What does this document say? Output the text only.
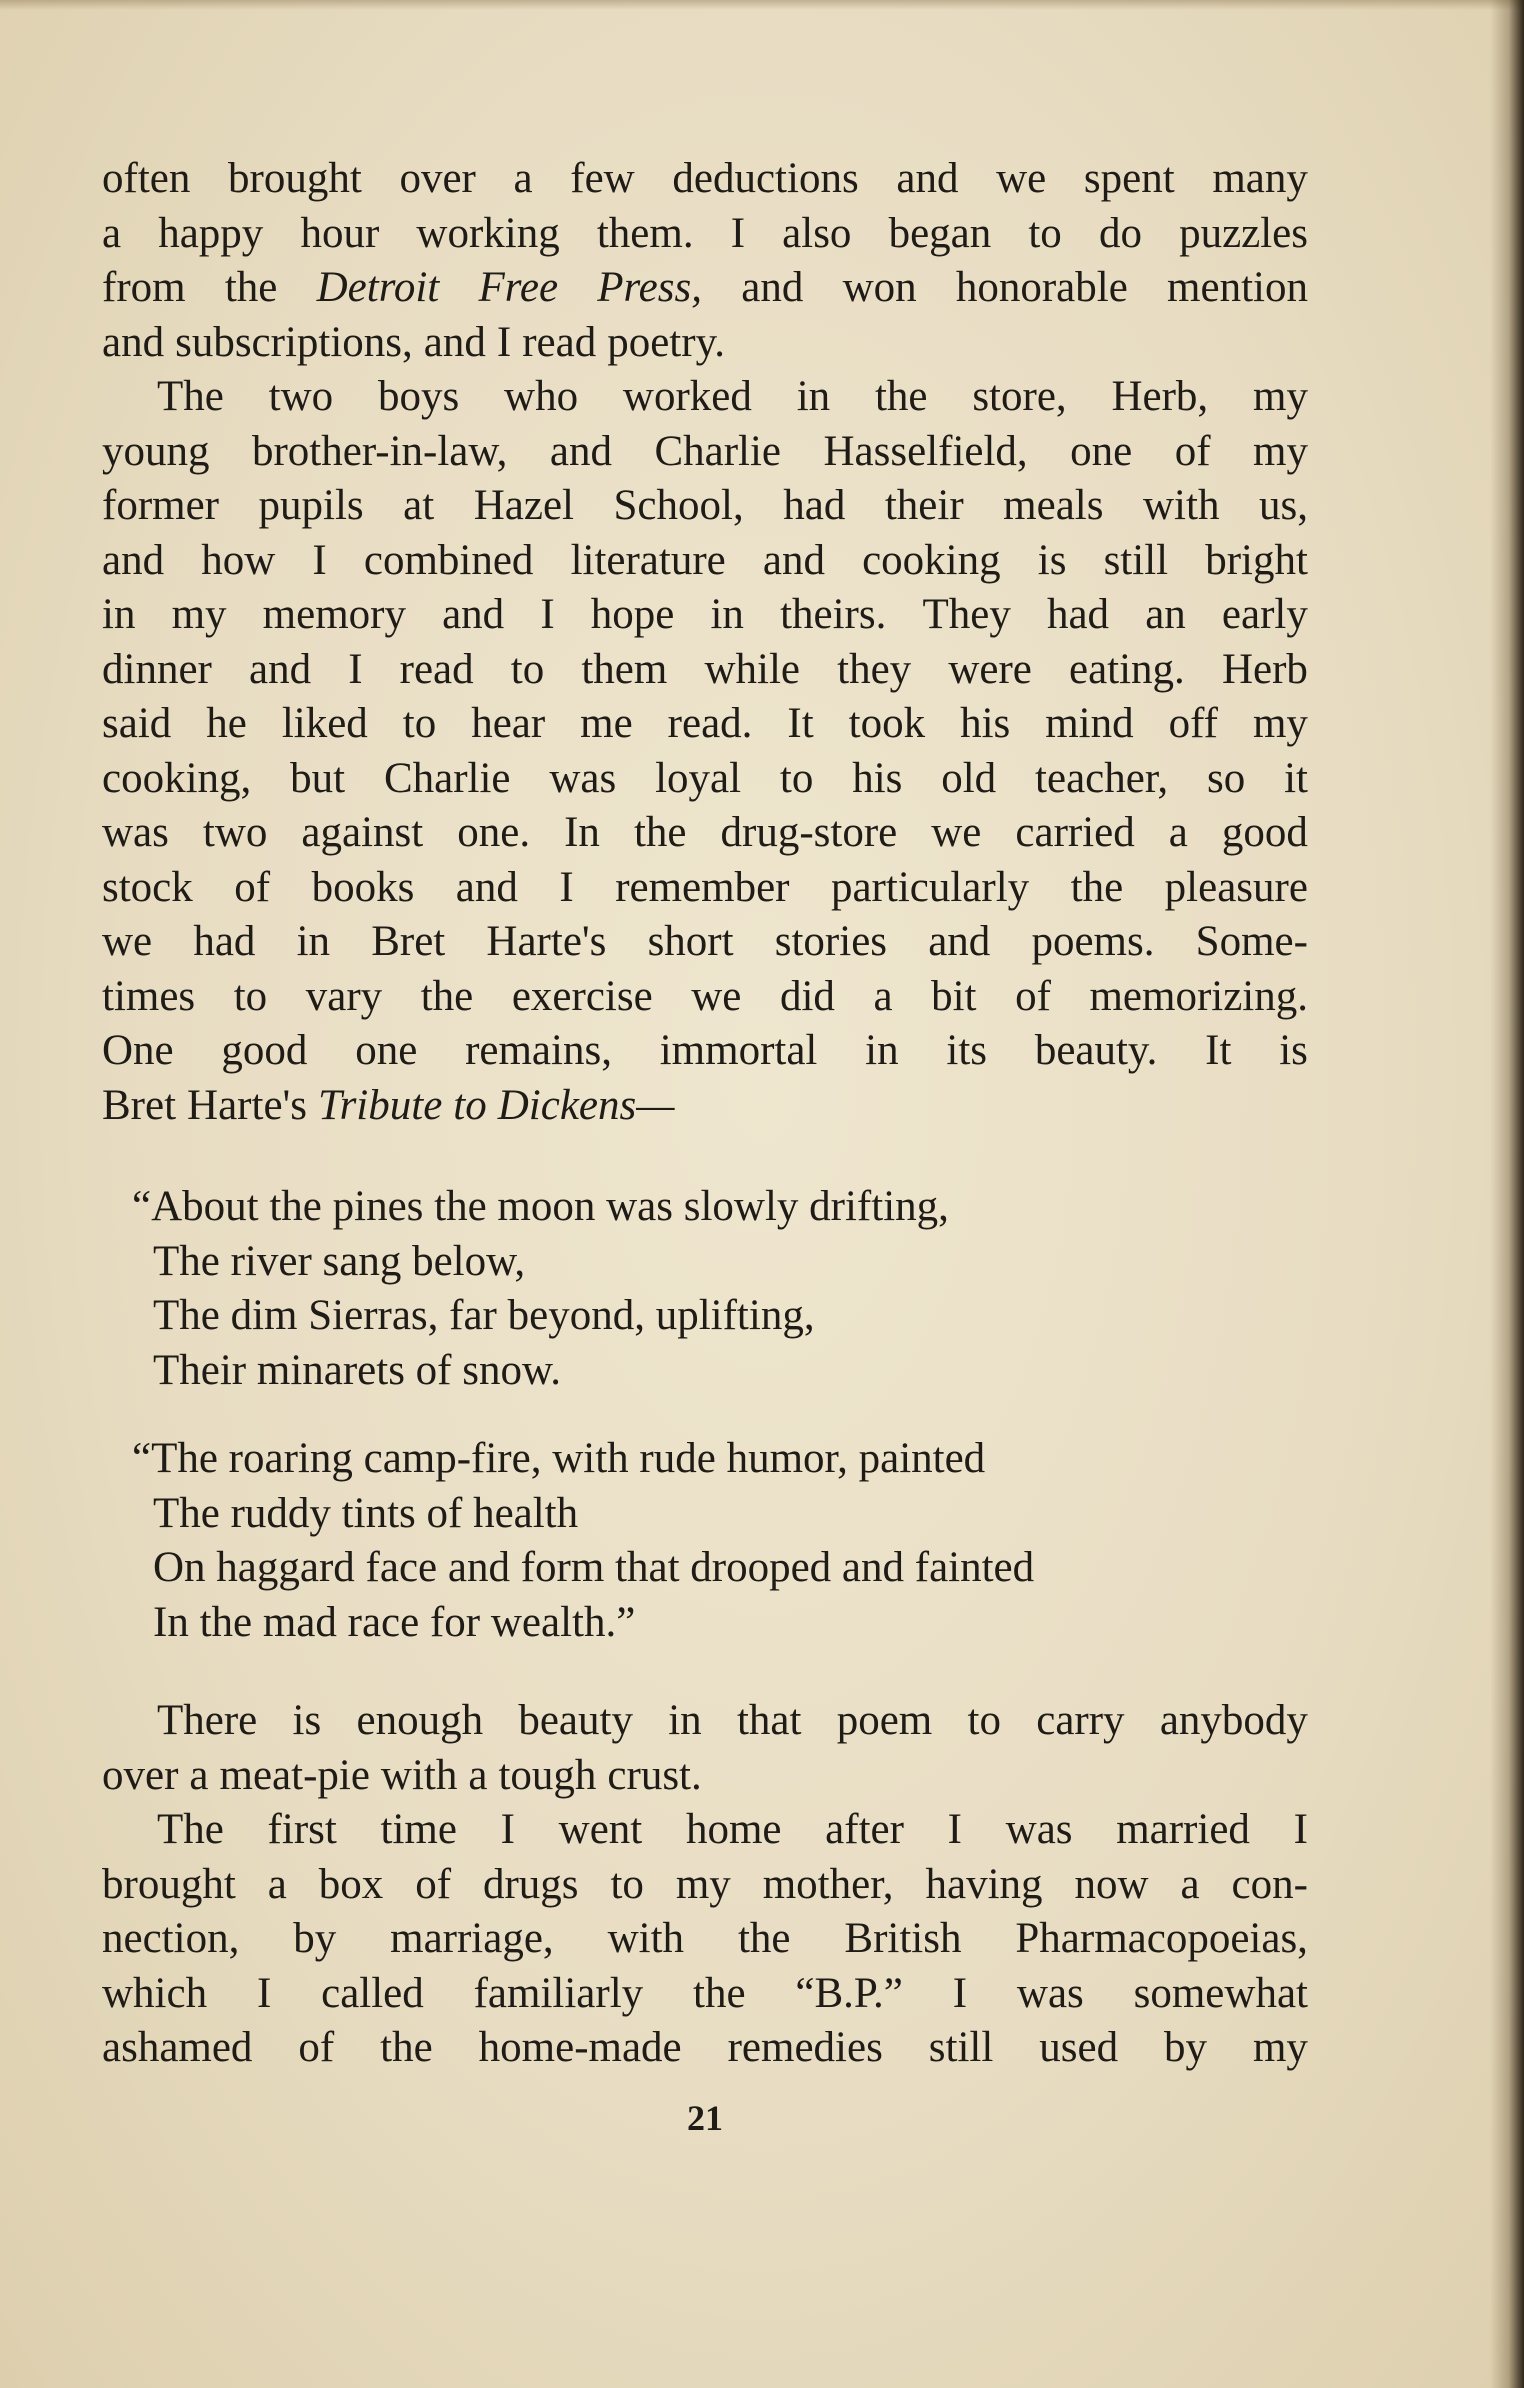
often brought over a few deductions and we spent many
a happy hour working them. I also began to do puzzles
from the Detroit Free Press, and won honorable mention
and subscriptions, and I read poetry.
The two boys who worked in the store, Herb, my
young brother-in-law, and Charlie Hasselfield, one of my
former pupils at Hazel School, had their meals with us,
and how I combined literature and cooking is still bright
in my memory and I hope in theirs. They had an early
dinner and I read to them while they were eating. Herb
said he liked to hear me read. It took his mind off my
cooking, but Charlie was loyal to his old teacher, so it
was two against one. In the drug-store we carried a good
stock of books and I remember particularly the pleasure
we had in Bret Harte's short stories and poems. Some-
times to vary the exercise we did a bit of memorizing.
One good one remains, immortal in its beauty. It is
Bret Harte's Tribute to Dickens—
“About the pines the moon was slowly drifting,
The river sang below,
The dim Sierras, far beyond, uplifting,
Their minarets of snow.
“The roaring camp-fire, with rude humor, painted
The ruddy tints of health
On haggard face and form that drooped and fainted
In the mad race for wealth.”
There is enough beauty in that poem to carry anybody
over a meat-pie with a tough crust.
The first time I went home after I was married I
brought a box of drugs to my mother, having now a con-
nection, by marriage, with the British Pharmacopoeias,
which I called familiarly the “B.P.” I was somewhat
ashamed of the home-made remedies still used by my
21
